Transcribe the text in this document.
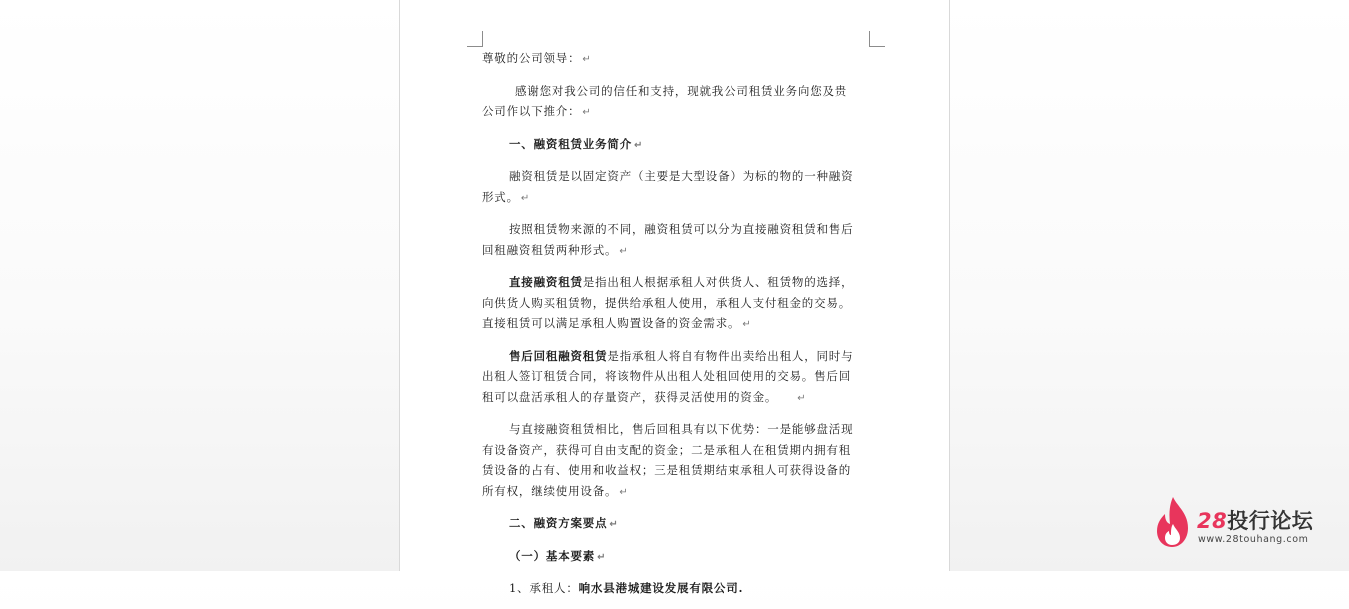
尊敬的公司领导： ↵
感谢您对我公司的信任和支持，现就我公司租赁业务向您及贵
公司作以下推介： ↵
一、融资租赁业务简介 ↵
融资租赁是以固定资产（主要是大型设备）为标的物的一种融资
形式。 ↵
按照租赁物来源的不同，融资租赁可以分为直接融资租赁和售后
回租融资租赁两种形式。 ↵
直接融资租赁是指出租人根据承租人对供货人、租赁物的选择，
向供货人购买租赁物，提供给承租人使用，承租人支付租金的交易。
直接租赁可以满足承租人购置设备的资金需求。 ↵
售后回租融资租赁是指承租人将自有物件出卖给出租人，同时与
出租人签订租赁合同，将该物件从出租人处租回使用的交易。售后回
租可以盘活承租人的存量资产，获得灵活使用的资金。 ↵
与直接融资租赁相比，售后回租具有以下优势：一是能够盘活现
有设备资产，获得可自由支配的资金；二是承租人在租赁期内拥有租
赁设备的占有、使用和收益权；三是租赁期结束承租人可获得设备的
所有权，继续使用设备。 ↵
二、融资方案要点 ↵
（一）基本要素 ↵
1、承租人：响水县港城建设发展有限公司.
28投行论坛
www.28touhang.com
